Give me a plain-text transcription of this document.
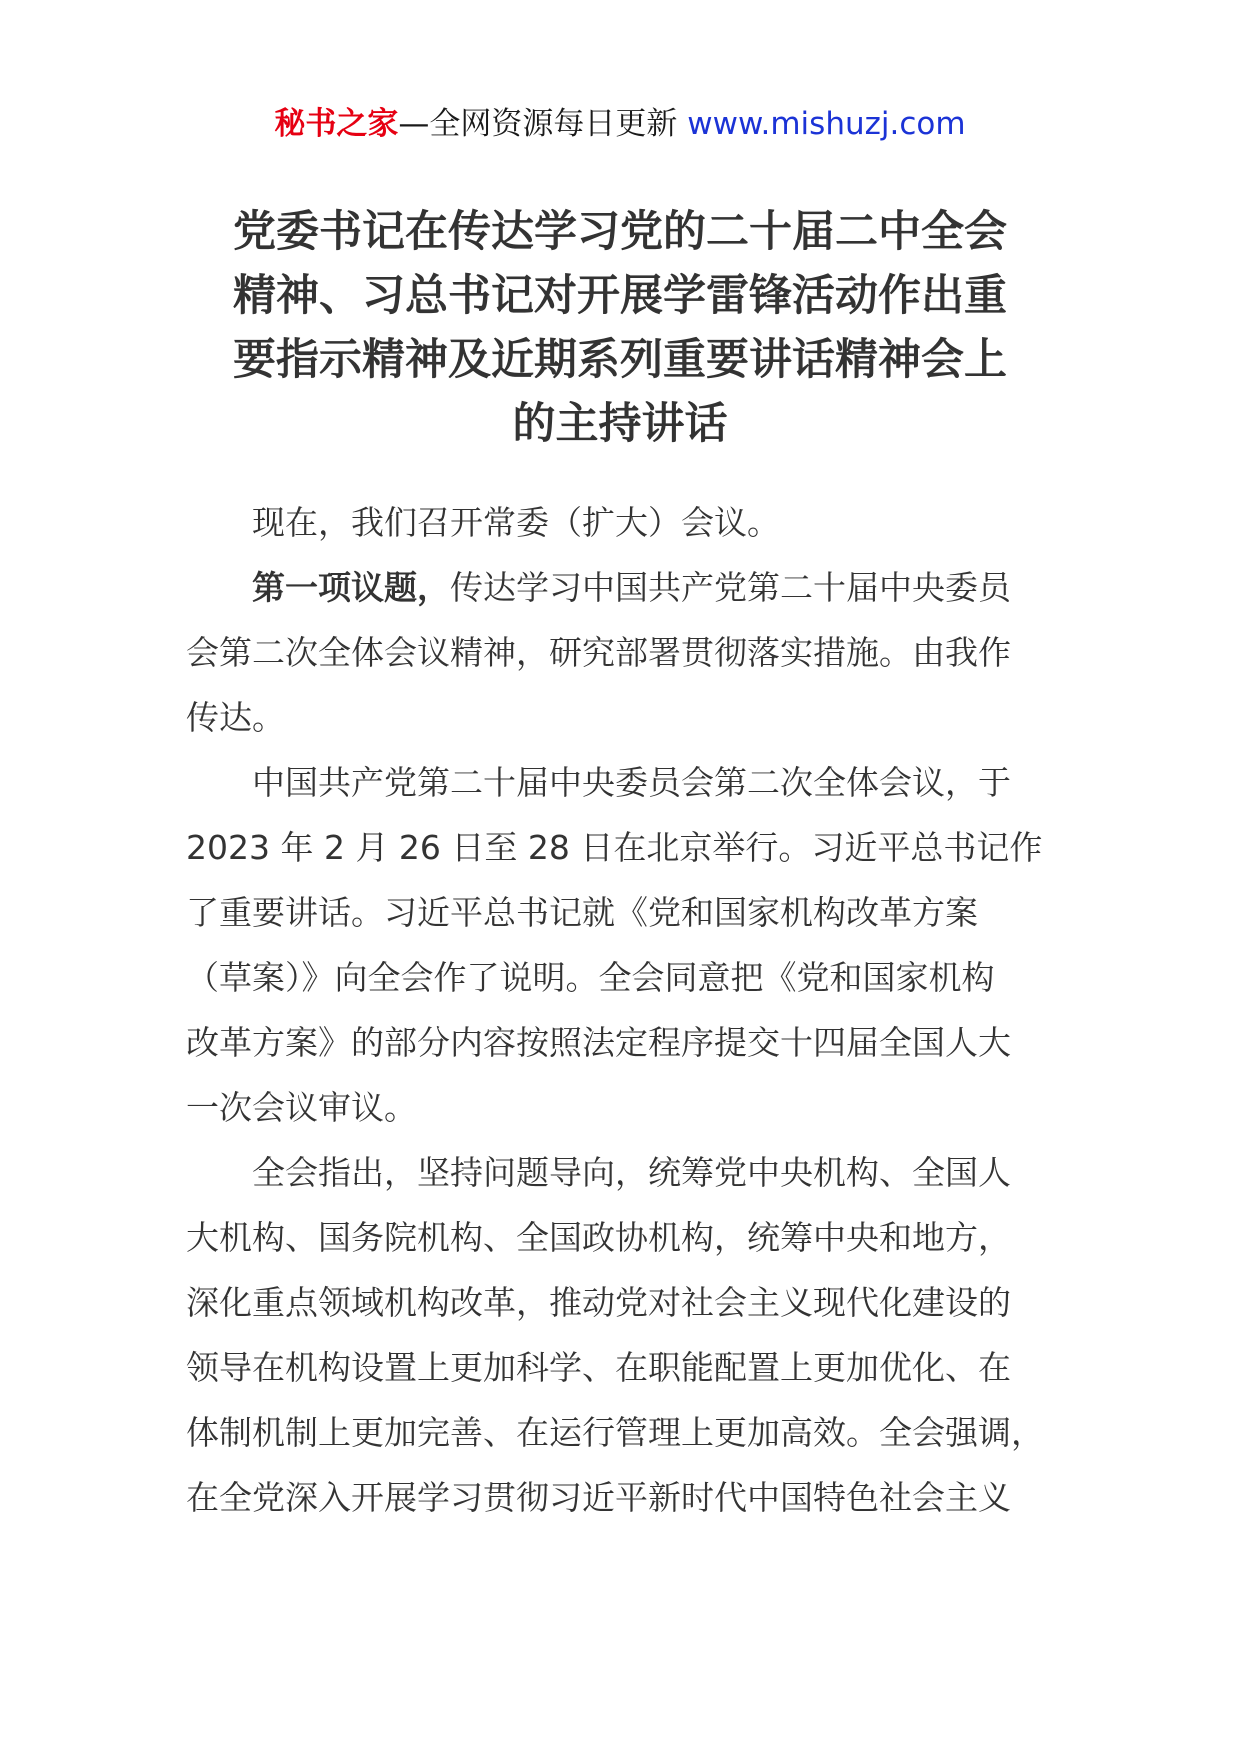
秘书之家—全网资源每日更新 www.mishuzj.com
党委书记在传达学习党的二十届二中全会
精神、习总书记对开展学雷锋活动作出重
要指示精神及近期系列重要讲话精神会上
的主持讲话
现在，我们召开常委（扩大）会议。
第一项议题，传达学习中国共产党第二十届中央委员
会第二次全体会议精神，研究部署贯彻落实措施。由我作
传达。
中国共产党第二十届中央委员会第二次全体会议，于
2023 年 2 月 26 日至 28 日在北京举行。习近平总书记作
了重要讲话。习近平总书记就《党和国家机构改革方案
（草案）》向全会作了说明。全会同意把《党和国家机构
改革方案》的部分内容按照法定程序提交十四届全国人大
一次会议审议。
全会指出，坚持问题导向，统筹党中央机构、全国人
大机构、国务院机构、全国政协机构，统筹中央和地方，
深化重点领域机构改革，推动党对社会主义现代化建设的
领导在机构设置上更加科学、在职能配置上更加优化、在
体制机制上更加完善、在运行管理上更加高效。全会强调，
在全党深入开展学习贯彻习近平新时代中国特色社会主义
